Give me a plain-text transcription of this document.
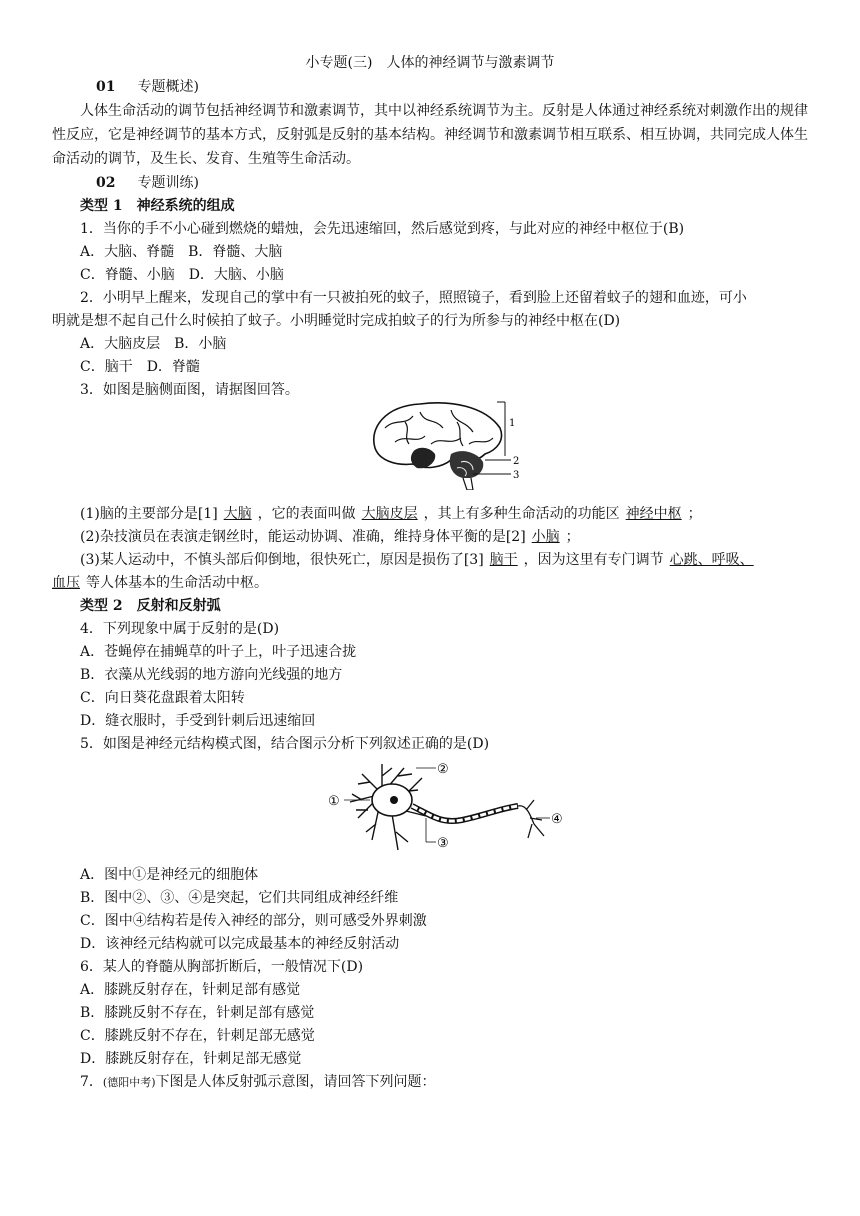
小专题(三)　人体的神经调节与激素调节
01 专题概述)
人体生命活动的调节包括神经调节和激素调节，其中以神经系统调节为主。反射是人体通过神经系统对刺激作出的规律性反应，它是神经调节的基本方式，反射弧是反射的基本结构。神经调节和激素调节相互联系、相互协调，共同完成人体生命活动的调节，及生长、发育、生殖等生命活动。
02 专题训练)
类型 1　神经系统的组成
1．当你的手不小心碰到燃烧的蜡烛，会先迅速缩回，然后感觉到疼，与此对应的神经中枢位于(B)
A．大脑、脊髓　B．脊髓、大脑
C．脊髓、小脑　D．大脑、小脑
2．小明早上醒来，发现自己的掌中有一只被拍死的蚊子，照照镜子，看到脸上还留着蚊子的翅和血迹，可小
明就是想不起自己什么时候拍了蚊子。小明睡觉时完成拍蚊子的行为所参与的神经中枢在(D)
A．大脑皮层　B．小脑
C．脑干　D．脊髓
3．如图是脑侧面图，请据图回答。
1
2
3
(1)脑的主要部分是[1] 大脑 ，它的表面叫做 大脑皮层 ，其上有多种生命活动的功能区 神经中枢 ；
(2)杂技演员在表演走钢丝时，能运动协调、准确，维持身体平衡的是[2] 小脑 ；
(3)某人运动中，不慎头部后仰倒地，很快死亡，原因是损伤了[3] 脑干 ，因为这里有专门调节 心跳、呼吸、
血压 等人体基本的生命活动中枢。
类型 2　反射和反射弧
4．下列现象中属于反射的是(D)
A．苍蝇停在捕蝇草的叶子上，叶子迅速合拢
B．衣藻从光线弱的地方游向光线强的地方
C．向日葵花盘跟着太阳转
D．缝衣服时，手受到针刺后迅速缩回
5．如图是神经元结构模式图，结合图示分析下列叙述正确的是(D)
①
②
③
④
A．图中①是神经元的细胞体
B．图中②、③、④是突起，它们共同组成神经纤维
C．图中④结构若是传入神经的部分，则可感受外界刺激
D．该神经元结构就可以完成最基本的神经反射活动
6．某人的脊髓从胸部折断后，一般情况下(D)
A．膝跳反射存在，针刺足部有感觉
B．膝跳反射不存在，针刺足部有感觉
C．膝跳反射不存在，针刺足部无感觉
D．膝跳反射存在，针刺足部无感觉
7．(德阳中考)下图是人体反射弧示意图，请回答下列问题：
